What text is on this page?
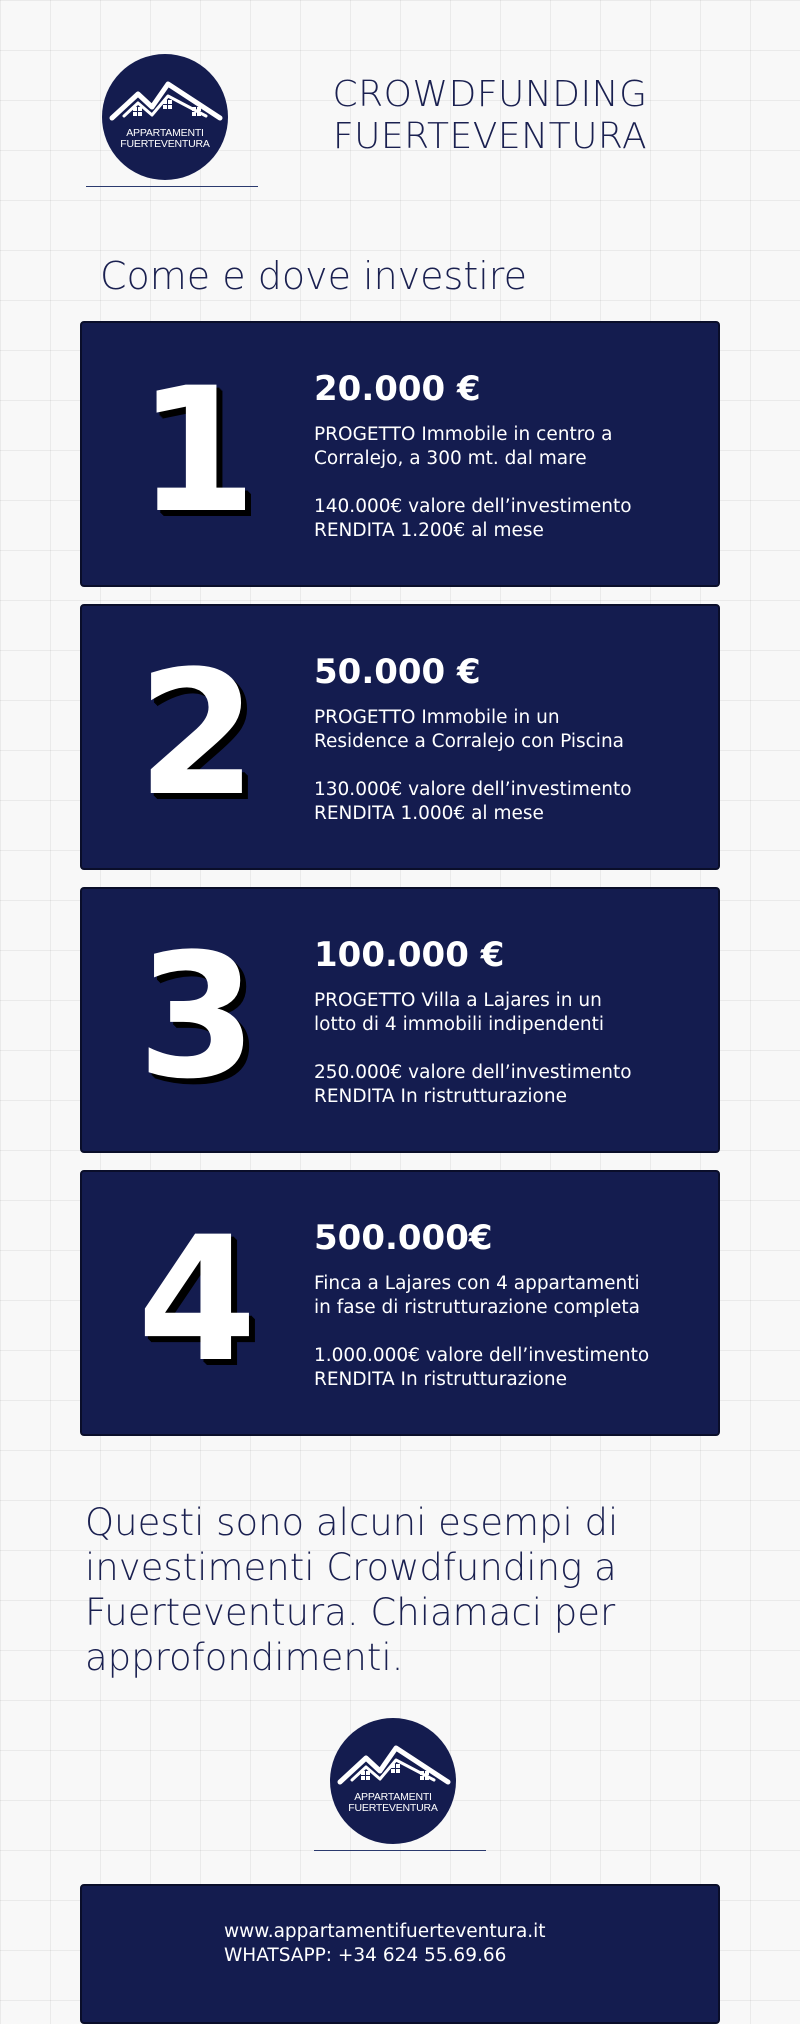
APPARTAMENTI
FUERTEVENTURA
CROWDFUNDING
FUERTEVENTURA
Come e dove investire
1	20.000 €
PROGETTO Immobile in centro a
Corralejo, a 300 mt. dal mare
140.000€ valore dell’investimento
RENDITA 1.200€ al mese
2	50.000 €
PROGETTO Immobile in un
Residence a Corralejo con Piscina
130.000€ valore dell’investimento
RENDITA 1.000€ al mese
3	100.000 €
PROGETTO Villa a Lajares in un
lotto di 4 immobili indipendenti
250.000€ valore dell’investimento
RENDITA In ristrutturazione
4	500.000€
Finca a Lajares con 4 appartamenti
in fase di ristrutturazione completa
1.000.000€ valore dell’investimento
RENDITA In ristrutturazione
Questi sono alcuni esempi di
investimenti Crowdfunding a
Fuerteventura. Chiamaci per
approfondimenti.
APPARTAMENTI
FUERTEVENTURA
www.appartamentifuerteventura.it
WHATSAPP: +34 624 55.69.66
